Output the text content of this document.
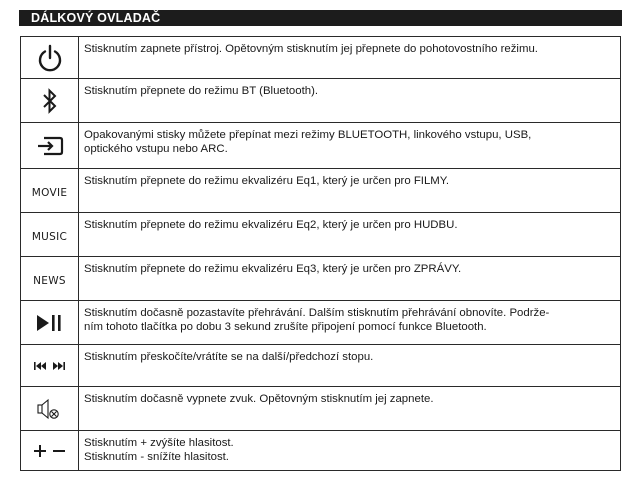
DÁLKOVÝ OVLADAČ

Stisknutím zapnete přístroj. Opětovným stisknutím jej přepnete do pohotovostního režimu.

Stisknutím přepnete do režimu BT (Bluetooth).

Opakovanými stisky můžete přepínat mezi režimy BLUETOOTH, linkového vstupu, USB,
optického vstupu nebo ARC.

MOVIE	Stisknutím přepnete do režimu ekvalizéru Eq1, který je určen pro FILMY.

MUSIC	Stisknutím přepnete do režimu ekvalizéru Eq2, který je určen pro HUDBU.

NEWS	Stisknutím přepnete do režimu ekvalizéru Eq3, který je určen pro ZPRÁVY.

Stisknutím dočasně pozastavíte přehrávání. Dalším stisknutím přehrávání obnovíte. Podrže-
ním tohoto tlačítka po dobu 3 sekund zrušíte připojení pomocí funkce Bluetooth.

Stisknutím přeskočíte/vrátíte se na další/předchozí stopu.

Stisknutím dočasně vypnete zvuk. Opětovným stisknutím jej zapnete.

Stisknutím + zvýšíte hlasitost.
Stisknutím - snížíte hlasitost.
